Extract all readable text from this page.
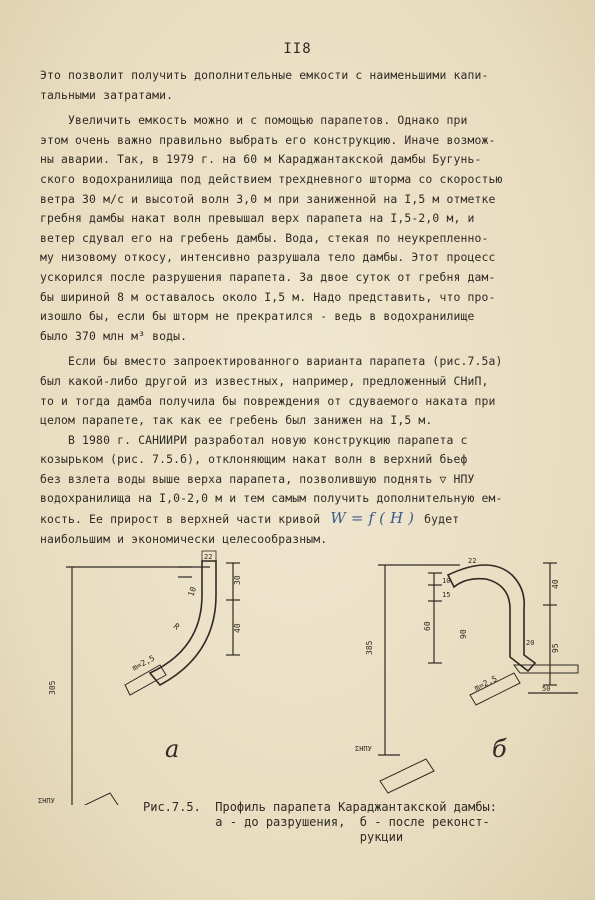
II8
Это позволит получить дополнительные емкости с наименьшими капи-
тальными затратами.
Увеличить емкость можно и с помощью парапетов. Однако при
этом очень важно правильно выбрать его конструкцию. Иначе возмож-
ны аварии. Так, в 1979 г. на 60 м Караджантакской дамбы Бугунь-
ского водохранилища под действием трехдневного шторма со скоростью
ветра 30 м/с и высотой волн 3,0 м при заниженной на I,5 м отметке
гребня дамбы накат волн превышал верх парапета на I,5-2,0 м, и
ветер сдувал его на гребень дамбы. Вода, стекая по неукрепленно-
му низовому откосу, интенсивно разрушала тело дамбы. Этот процесс
ускорился после разрушения парапета. За двое суток от гребня дам-
бы шириной 8 м оставалось около I,5 м. Надо представить, что про-
изошло бы, если бы шторм не прекратился - ведь в водохранилище
было 370 млн м³ воды.
Если бы вместо запроектированного варианта парапета (рис.7.5а)
был какой-либо другой из известных, например, предложенный СНиП,
то и тогда дамба получила бы повреждения от сдуваемого наката при
целом парапете, так как ее гребень был занижен на I,5 м.
В 1980 г. САНИИРИ разработал новую конструкцию парапета с
козырьком (рис. 7.5.б), отклоняющим накат волн в верхний бьеф
без взлета воды выше верха парапета, позволившую поднять ▽ НПУ
водохранилища на I,0-2,0 м и тем самым получить дополнительную ем-
кость. Ее прирост в верхней части кривой W = f ( H ) будет
наибольшим и экономически целесообразным.
305
22
30
40
10
R
m=2,5
ΣНПУ
а
385
22
60
10
15
90
40
95
20
50
m=2,5
ΣНПУ	б
Рис.7.5.  Профиль парапета Караджантакской дамбы:
а - до разрушения,  б - после реконст-
рукции
